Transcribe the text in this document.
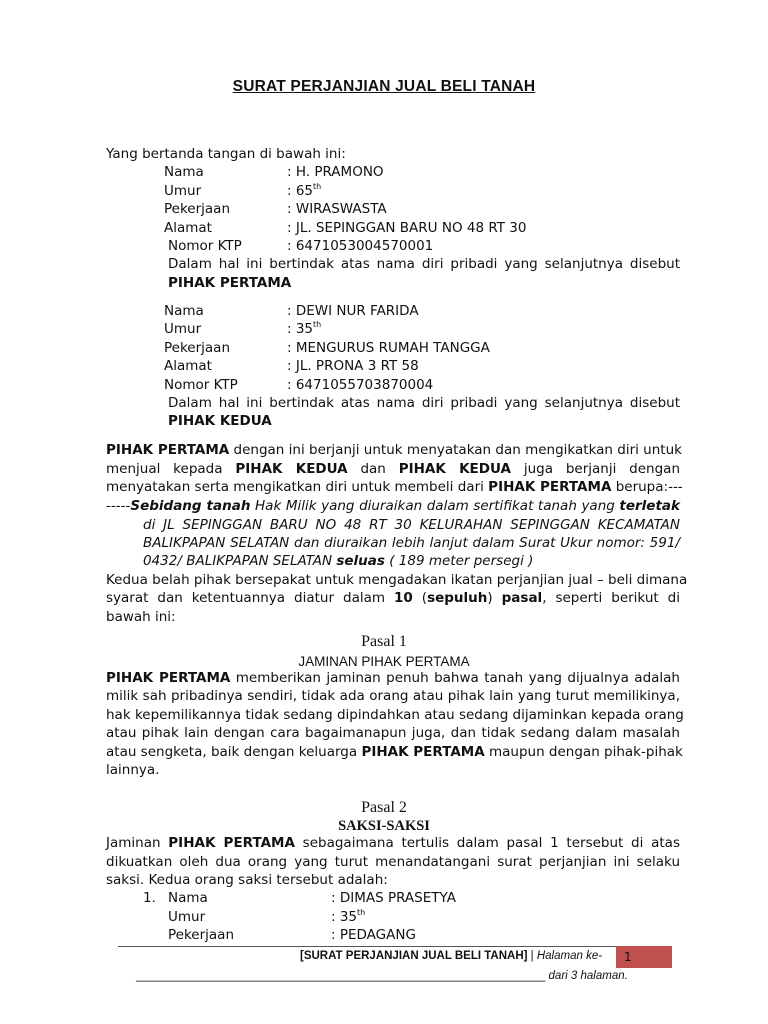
SURAT PERJANJIAN JUAL BELI TANAH
Yang bertanda tangan di bawah ini:
Nama	: H. PRAMONO
Umur	: 65th
Pekerjaan	: WIRASWASTA
Alamat	: JL. SEPINGGAN BARU NO 48 RT 30
Nomor KTP	: 6471053004570001
Dalam hal ini bertindak atas nama diri pribadi yang selanjutnya disebut
PIHAK PERTAMA
Nama	: DEWI NUR FARIDA
Umur	: 35th
Pekerjaan	: MENGURUS RUMAH TANGGA
Alamat	: JL. PRONA 3 RT 58
Nomor KTP	: 6471055703870004
Dalam hal ini bertindak atas nama diri pribadi yang selanjutnya disebut
PIHAK KEDUA
PIHAK PERTAMA dengan ini berjanji untuk menyatakan dan mengikatkan diri untuk
menjual kepada PIHAK KEDUA dan PIHAK KEDUA juga berjanji dengan
menyatakan serta mengikatkan diri untuk membeli dari PIHAK PERTAMA berupa:---
-----Sebidang tanah Hak Milik yang diuraikan dalam sertifikat tanah yang terletak
di JL SEPINGGAN BARU NO 48 RT 30 KELURAHAN SEPINGGAN KECAMATAN
BALIKPAPAN SELATAN dan diuraikan lebih lanjut dalam Surat Ukur nomor: 591/
0432/ BALIKPAPAN SELATAN seluas ( 189 meter persegi )
Kedua belah pihak bersepakat untuk mengadakan ikatan perjanjian jual – beli dimana
syarat dan ketentuannya diatur dalam 10 (sepuluh) pasal, seperti berikut di
bawah ini:
Pasal 1
JAMINAN PIHAK PERTAMA
PIHAK PERTAMA memberikan jaminan penuh bahwa tanah yang dijualnya adalah
milik sah pribadinya sendiri, tidak ada orang atau pihak lain yang turut memilikinya,
hak kepemilikannya tidak sedang dipindahkan atau sedang dijaminkan kepada orang
atau pihak lain dengan cara bagaimanapun juga, dan tidak sedang dalam masalah
atau sengketa, baik dengan keluarga PIHAK PERTAMA maupun dengan pihak-pihak
lainnya.
Pasal 2
SAKSI-SAKSI
Jaminan PIHAK PERTAMA sebagaimana tertulis dalam pasal 1 tersebut di atas
dikuatkan oleh dua orang yang turut menandatangani surat perjanjian ini selaku
saksi. Kedua orang saksi tersebut adalah:
1. Nama	: DIMAS PRASETYA
Umur	: 35th
Pekerjaan	: PEDAGANG
[SURAT PERJANJIAN JUAL BELI TANAH] | Halaman ke- 1
________________________________________________________________ dari 3 halaman.
